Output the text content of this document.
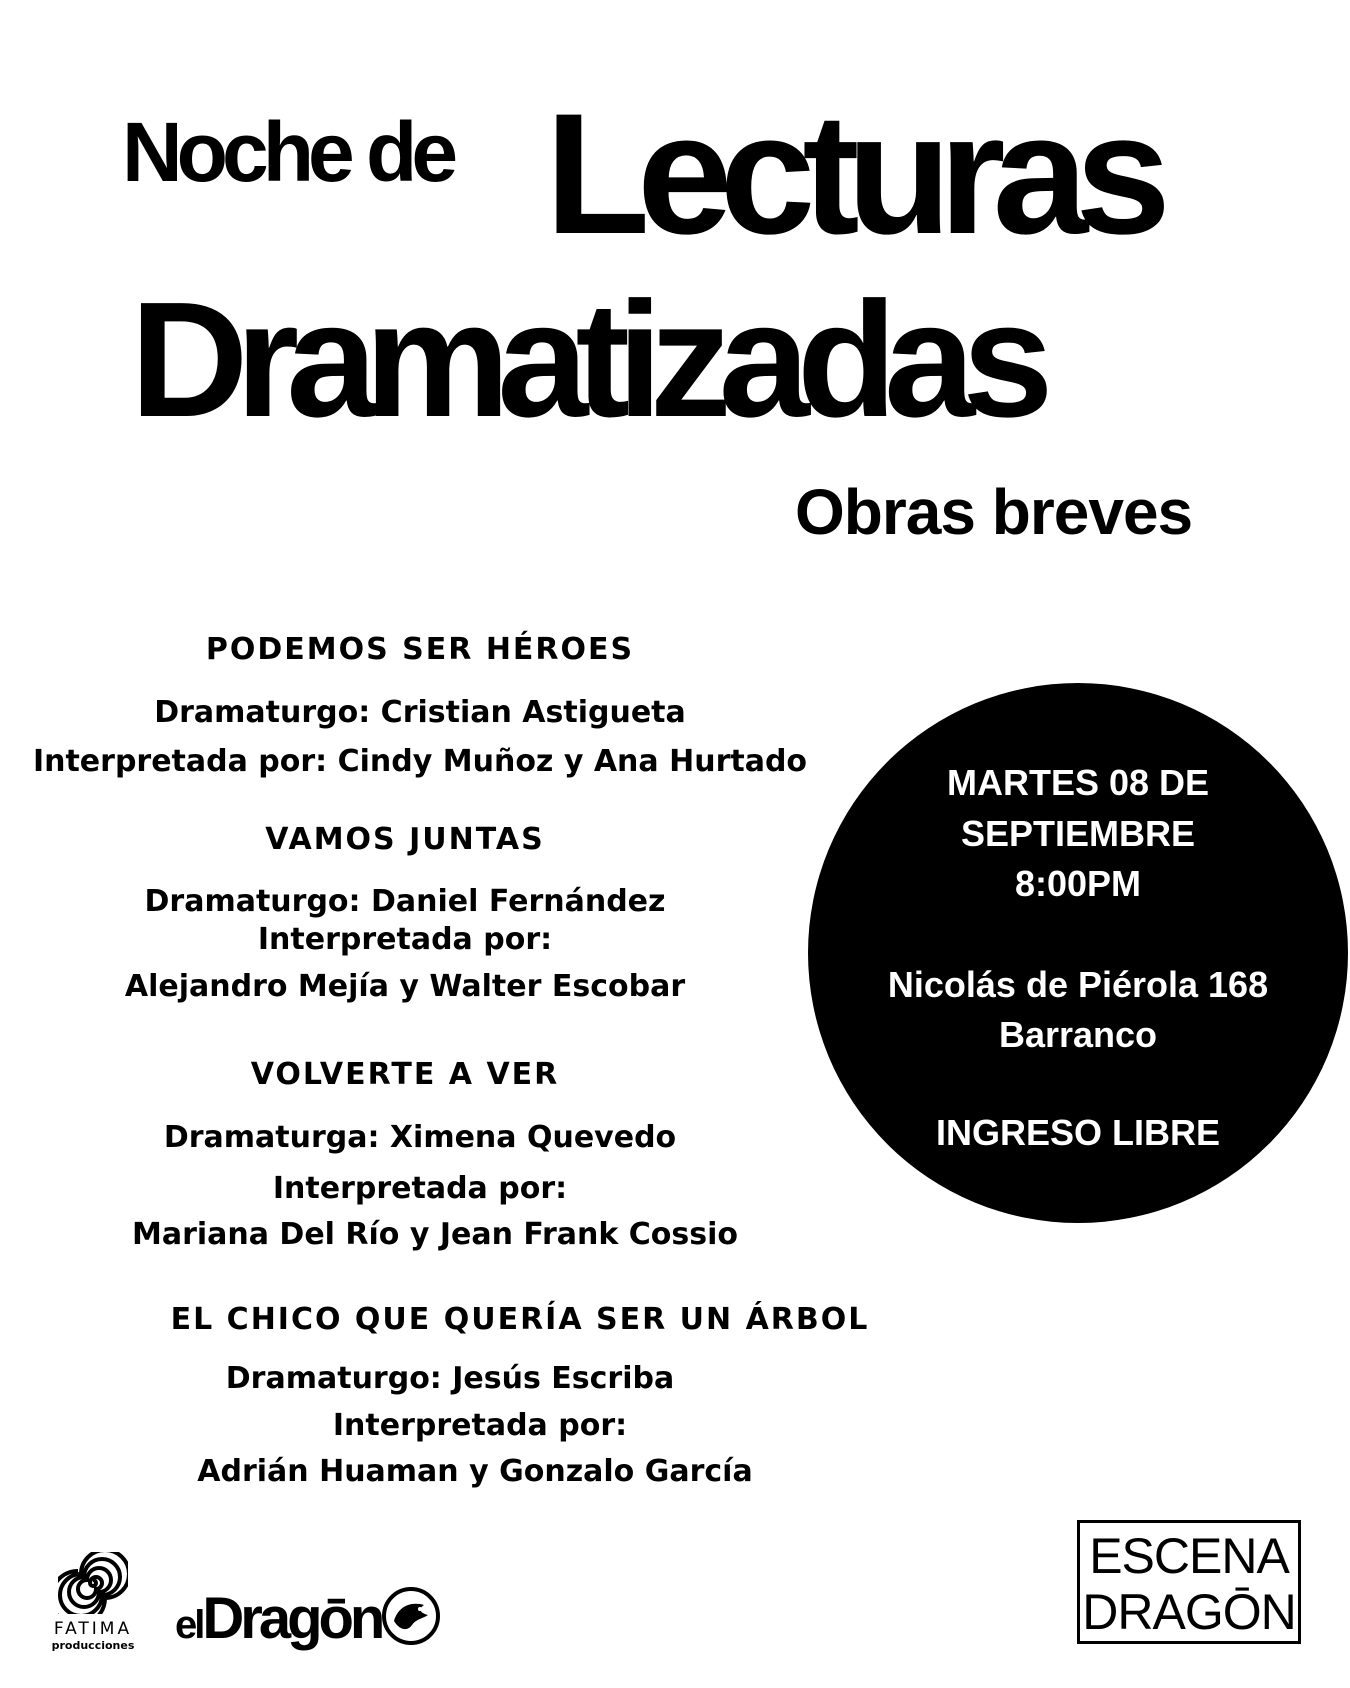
Noche de Lecturas
Dramatizadas
Obras breves
PODEMOS SER HÉROES
Dramaturgo: Cristian Astigueta
Interpretada por: Cindy Muñoz y Ana Hurtado
VAMOS JUNTAS
Dramaturgo: Daniel Fernández
Interpretada por:
Alejandro Mejía y Walter Escobar
VOLVERTE A VER
Dramaturga: Ximena Quevedo
Interpretada por:
Mariana Del Río y Jean Frank Cossio
EL CHICO QUE QUERÍA SER UN ÁRBOL
Dramaturgo: Jesús Escriba
Interpretada por:
Adrián Huaman y Gonzalo García
MARTES 08 DE
SEPTIEMBRE
8:00PM
Nicolás de Piérola 168
Barranco
INGRESO LIBRE
FATIMA
producciones	elDragōn
ESCENA
DRAGŌN
